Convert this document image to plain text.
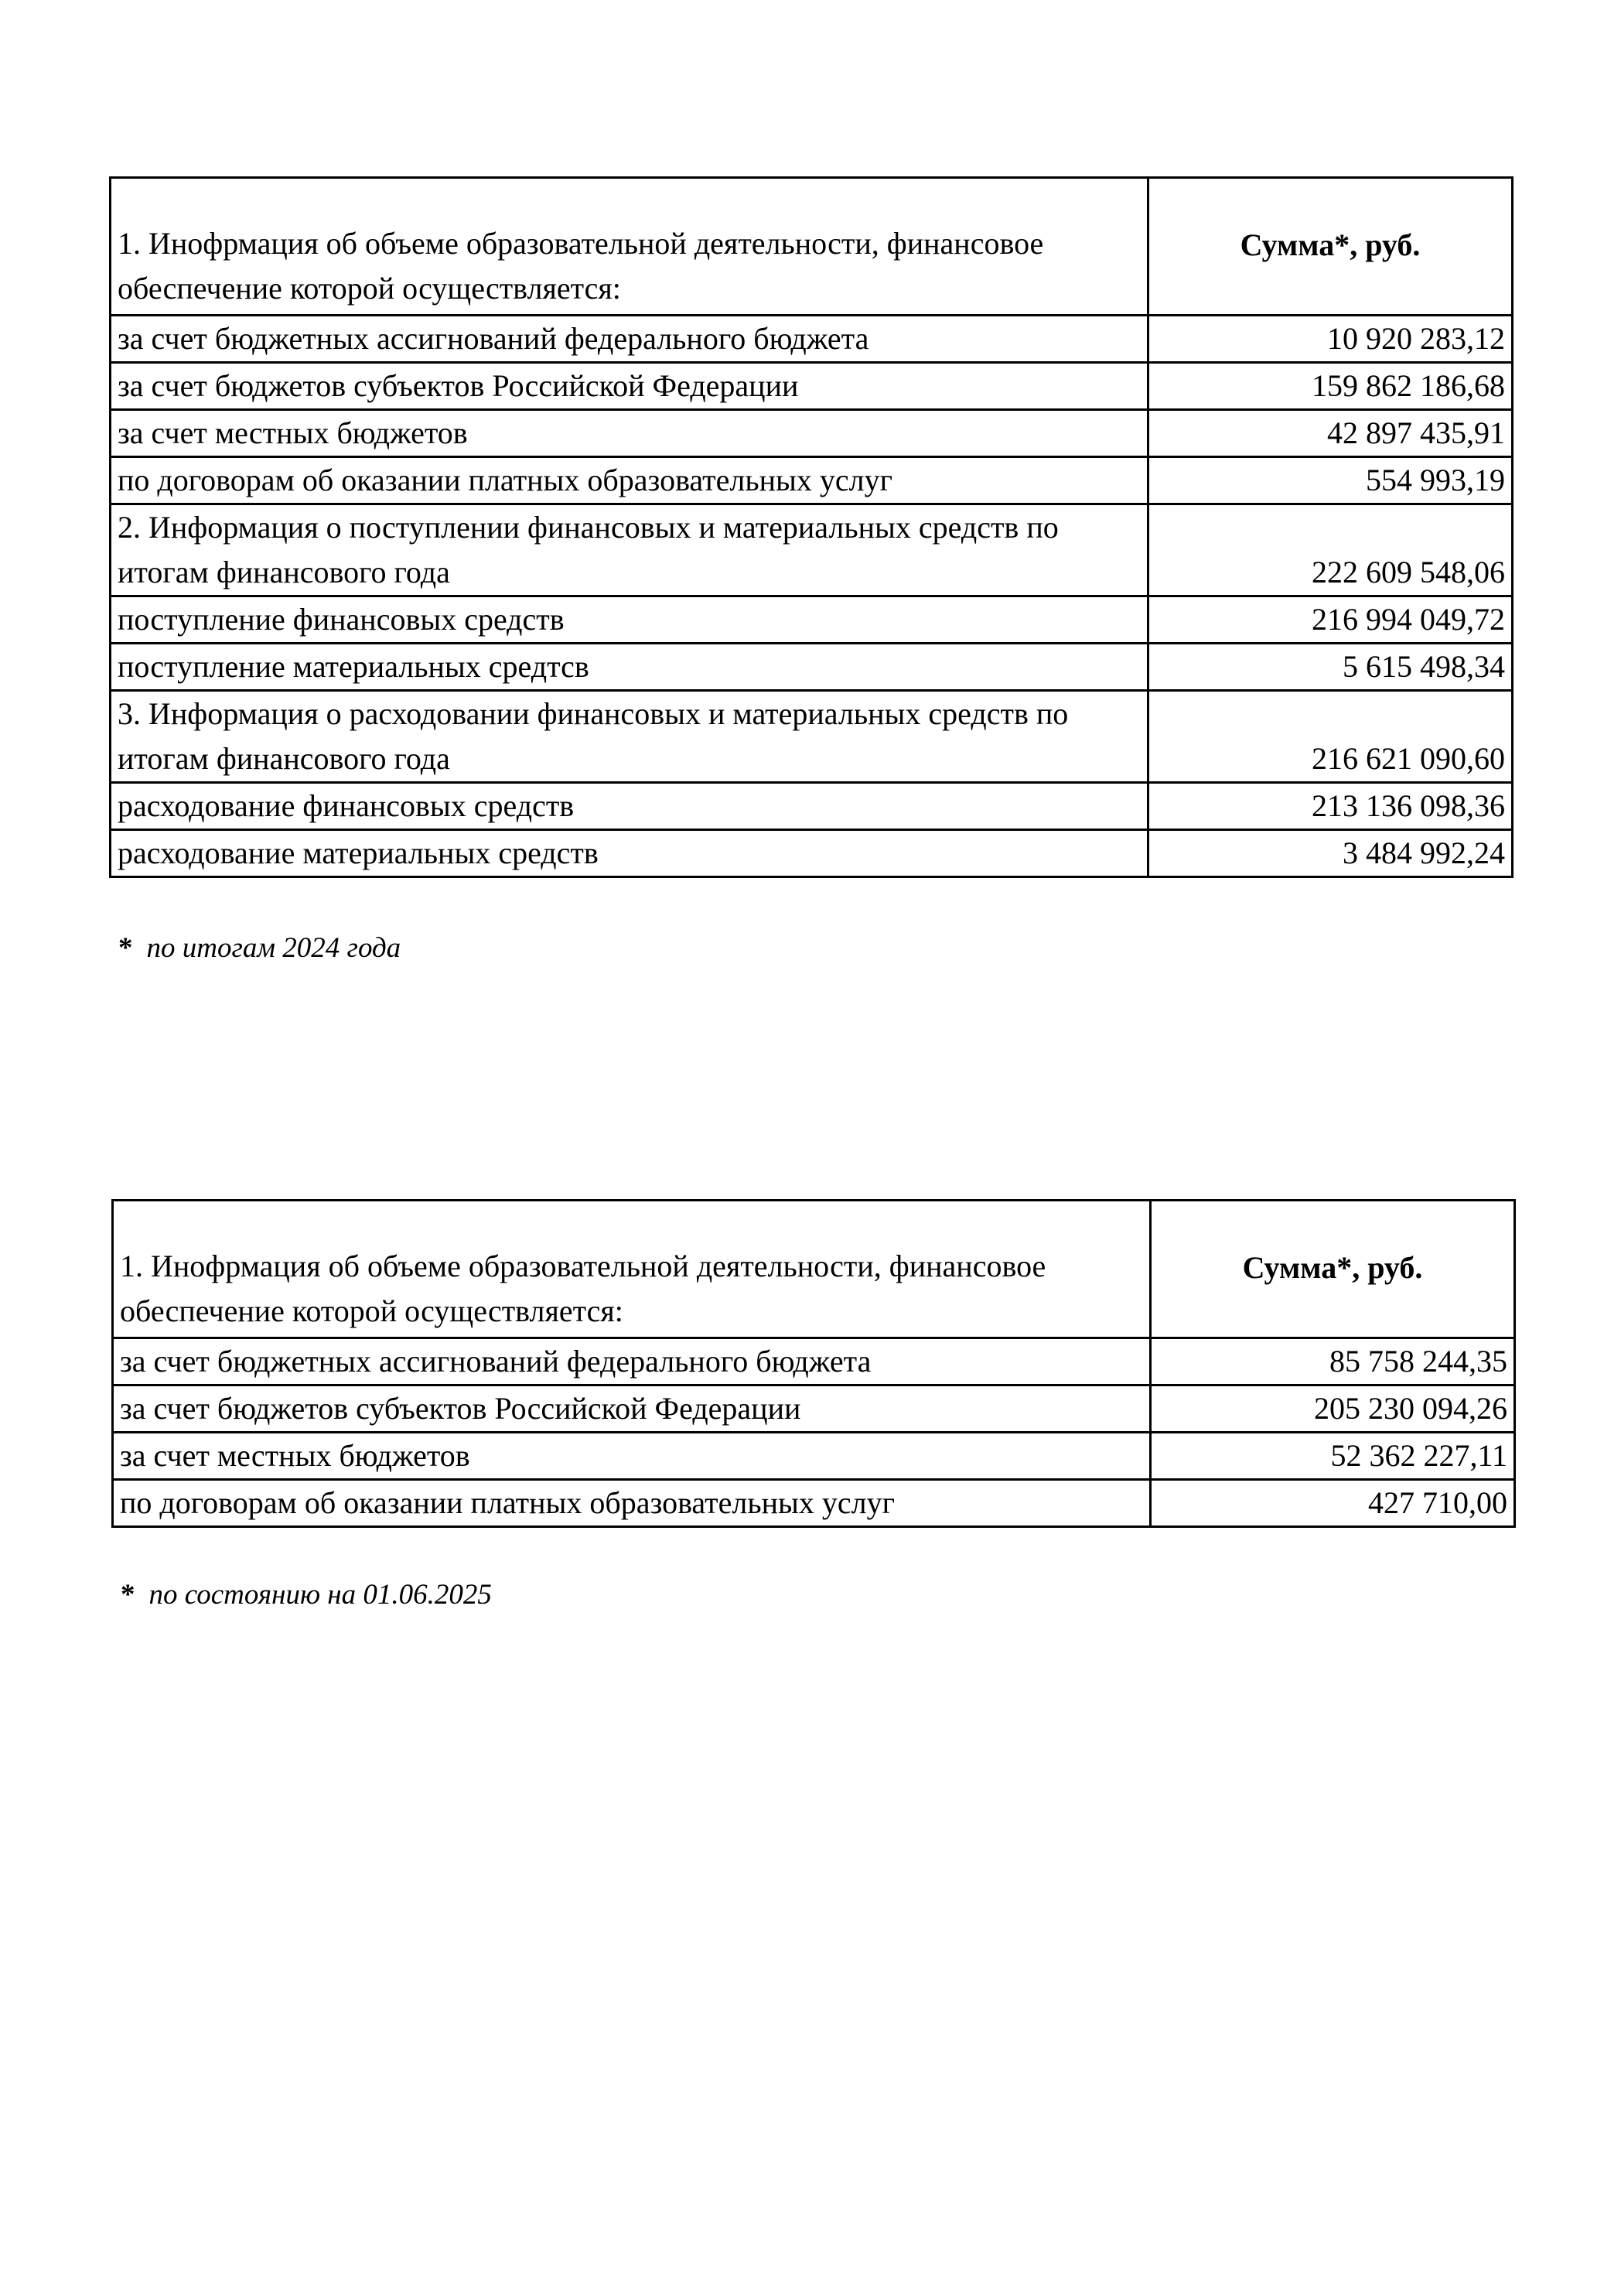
1. Инофрмация об объеме образовательной деятельности, финансовое обеспечение которой осуществляется:	Сумма*, руб.
за счет бюджетных ассигнований федерального бюджета	10 920 283,12
за счет бюджетов субъектов Российской Федерации	159 862 186,68
за счет местных бюджетов	42 897 435,91
по договорам об оказании платных образовательных услуг	554 993,19
2. Информация о поступлении финансовых и материальных средств по итогам финансового года	222 609 548,06
поступление финансовых средств	216 994 049,72
поступление материальных средтсв	5 615 498,34
3. Информация о расходовании финансовых и материальных средств по итогам финансового года	216 621 090,60
расходование финансовых средств	213 136 098,36
расходование материальных средств	3 484 992,24
* по итогам 2024 года
1. Инофрмация об объеме образовательной деятельности, финансовое обеспечение которой осуществляется:	Сумма*, руб.
за счет бюджетных ассигнований федерального бюджета	85 758 244,35
за счет бюджетов субъектов Российской Федерации	205 230 094,26
за счет местных бюджетов	52 362 227,11
по договорам об оказании платных образовательных услуг	427 710,00
* по состоянию на 01.06.2025
